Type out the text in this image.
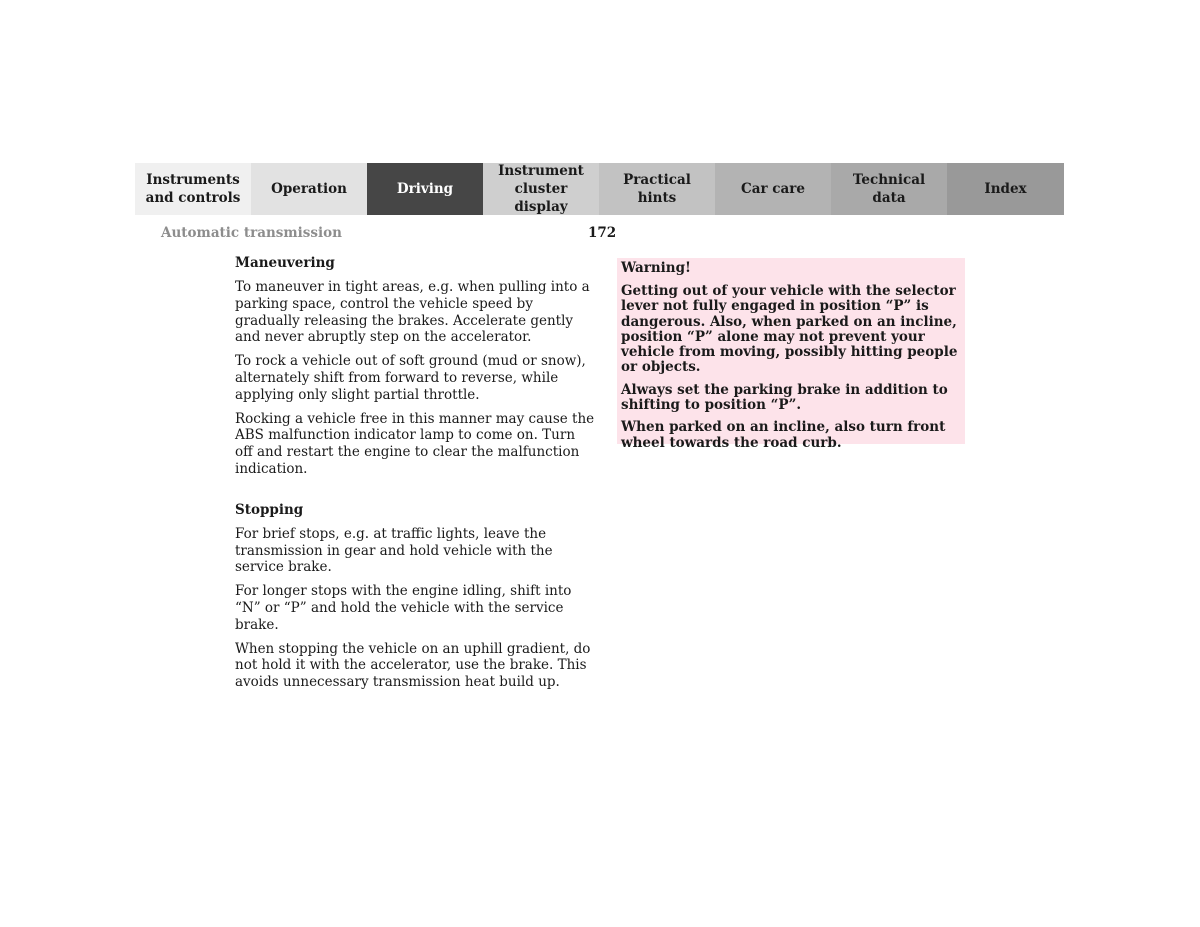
Instruments
and controls
Operation	Driving
Instrument
cluster display
Practical hints
Car care
Technical
data
Index
Automatic transmission	172
Maneuvering

To maneuver in tight areas, e.g. when pulling into a parking space, control the vehicle speed by gradually releasing the brakes. Accelerate gently and never abruptly step on the accelerator.

To rock a vehicle out of soft ground (mud or snow), alternately shift from forward to reverse, while applying only slight partial throttle.

Rocking a vehicle free in this manner may cause the ABS malfunction indicator lamp to come on. Turn off and restart the engine to clear the malfunction indication.

Stopping

For brief stops, e.g. at traffic lights, leave the transmission in gear and hold vehicle with the service brake.

For longer stops with the engine idling, shift into “N” or “P” and hold the vehicle with the service brake.

When stopping the vehicle on an uphill gradient, do not hold it with the accelerator, use the brake. This avoids unnecessary transmission heat build up.

Warning!

Getting out of your vehicle with the selector lever not fully engaged in position “P” is dangerous. Also, when parked on an incline, position “P” alone may not prevent your vehicle from moving, possibly hitting people or objects.

Always set the parking brake in addition to shifting to position “P”.

When parked on an incline, also turn front wheel towards the road curb.
